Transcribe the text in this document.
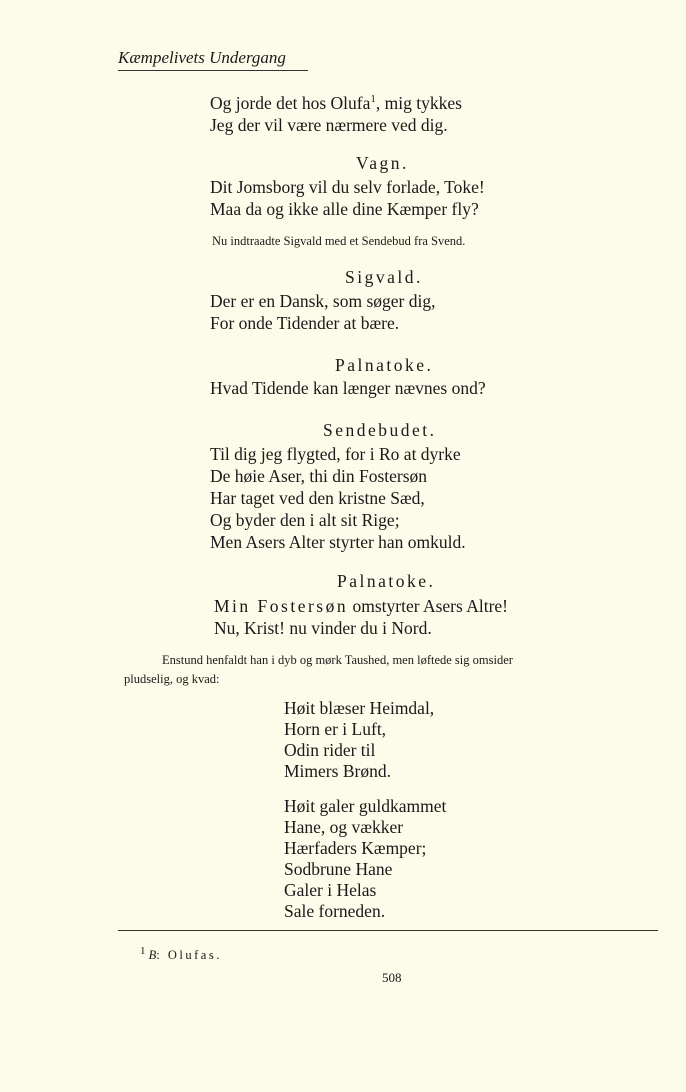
Kæmpelivets Undergang
Og jorde det hos Olufa$^1$, mig tykkes
Jeg der vil være nærmere ved dig.
Vagn.
Dit Jomsborg vil du selv forlade, Toke!
Maa da og ikke alle dine Kæmper fly?
Nu indtraadte Sigvald med et Sendebud fra Svend.
Sigvald.
Der er en Dansk, som søger dig,
For onde Tidender at bære.
Palnatoke.
Hvad Tidende kan længer nævnes ond?
Sendebudet.
Til dig jeg flygted, for i Ro at dyrke
De høie Aser, thi din Fostersøn
Har taget ved den kristne Sæd,
Og byder den i alt sit Rige;
Men Asers Alter styrter han omkuld.
Palnatoke.
Min Fostersøn omstyrter Asers Altre!
Nu, Krist! nu vinder du i Nord.
Enstund henfaldt han i dyb og mørk Taushed, men løftede sig omsider
pludselig, og kvad:
Høit blæser Heimdal,
Horn er i Luft,
Odin rider til
Mimers Brønd.
Høit galer guldkammet
Hane, og vækker
Hærfaders Kæmper;
Sodbrune Hane
Galer i Helas
Sale forneden.
$^1$ B: Olufas.
508
